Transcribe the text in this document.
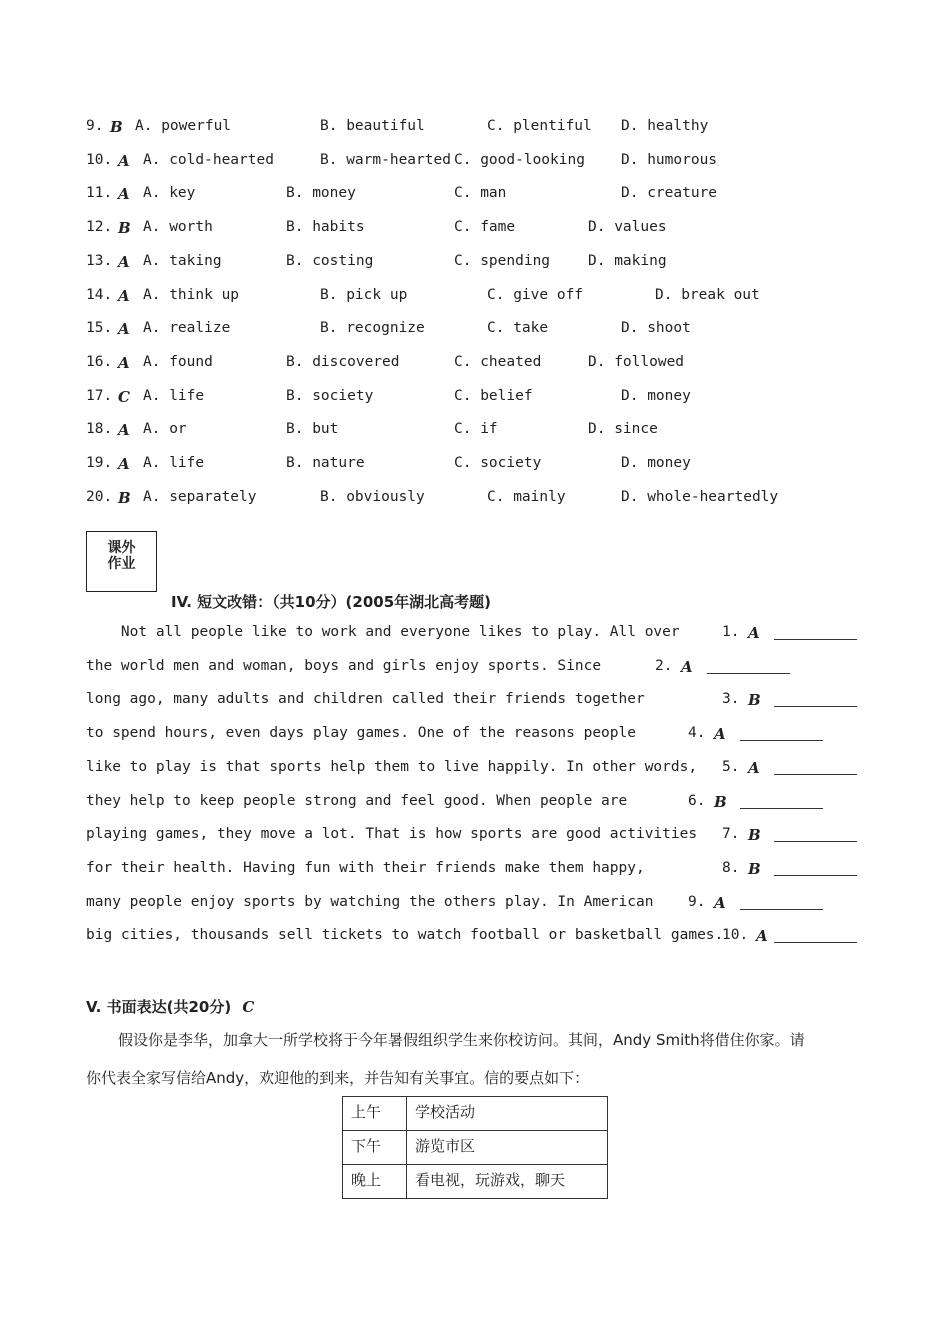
9. B A. powerful	B. beautiful	C. plentiful D. healthy
10. A A. cold-hearted	B. warm-hearted C. good-looking D. humorous
11. A A. key	B. money	C. man	D. creature
12. B A. worth	B. habits	C. fame	D. values
13. A A. taking	B. costing	C. spending	D. making
14. A A. think up	B. pick up	C. give off	D. break out
15. A A. realize	B. recognize	C. take	D. shoot
16. A A. found	B. discovered	C. cheated	D. followed
17. C A. life	B. society	C. belief	D. money
18. A A. or	B. but	C. if	D. since
19. A A. life	B. nature	C. society	D. money
20. B A. separately	B. obviously	C. mainly	D. whole-heartedly
课外
作业
IV. 短文改错：（共10分）(2005年湖北高考题)
Not all people like to work and everyone likes to play. All over	1. A
the world men and woman, boys and girls enjoy sports. Since	2. A
long ago, many adults and children called their friends together	3. B
to spend hours, even days play games. One of the reasons people	4. A
like to play is that sports help them to live happily. In other words, 5. A
they help to keep people strong and feel good. When people are	6. B
playing games, they move a lot. That is how sports are good activities 7. B
for their health. Having fun with their friends make them happy,	8. B
many people enjoy sports by watching the others play. In American 9. A
big cities, thousands sell tickets to watch football or basketball games.
10. A
V. 书面表达(共20分) C
假设你是李华，加拿大一所学校将于今年暑假组织学生来你校访问。其间，Andy Smith将借住你家。请
你代表全家写信给Andy，欢迎他的到来，并告知有关事宜。信的要点如下：
上午	学校活动
下午	游览市区
晚上	看电视，玩游戏，聊天
